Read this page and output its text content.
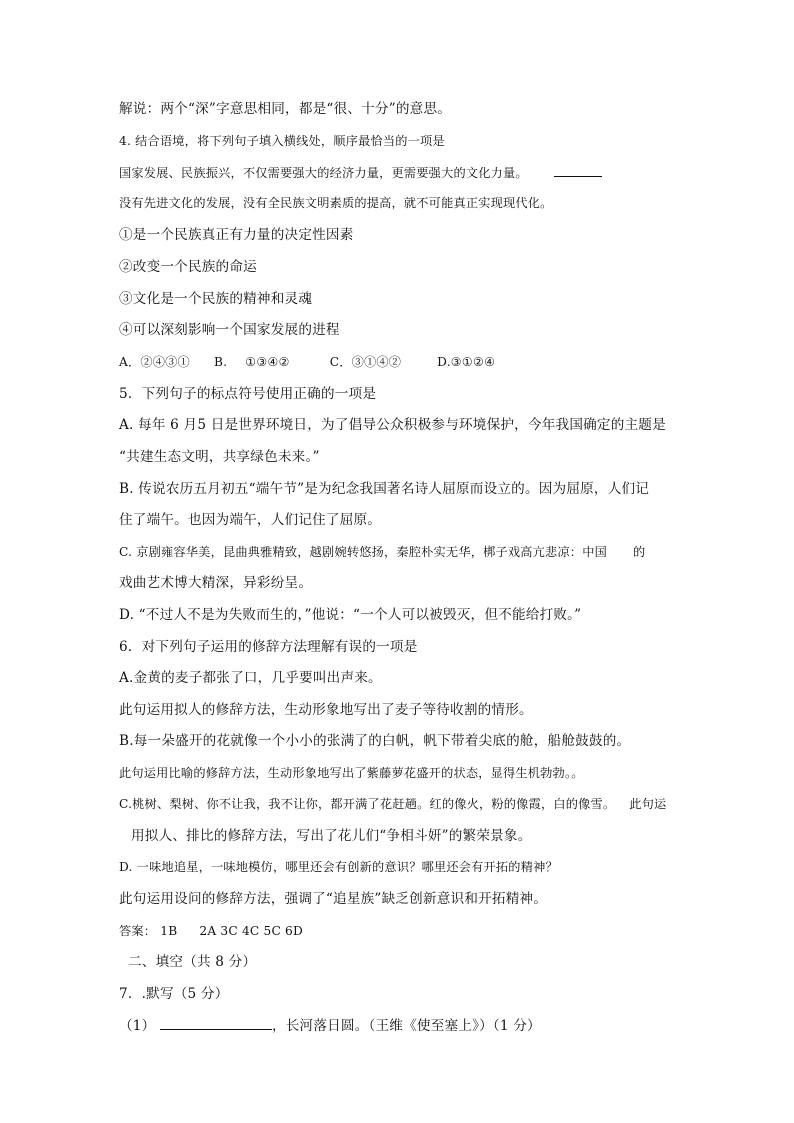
解说：两个“深”字意思相同，都是“很、十分”的意思。
4. 结合语境，将下列句子填入横线处，顺序最恰当的一项是
国家发展、民族振兴，不仅需要强大的经济力量，更需要强大的文化力量。
没有先进文化的发展，没有全民族文明素质的提高，就不可能真正实现现代化。
①是一个民族真正有力量的决定性因素
②改变一个民族的命运
③文化是一个民族的精神和灵魂
④可以深刻影响一个国家发展的进程
A．②④③① B. ①③④②	C．③①④②	D.③①②④
5．下列句子的标点符号使用正确的一项是
A. 每年 6 月5 日是世界环境日，为了倡导公众积极参与环境保护，今年我国确定的主题是
“共建生态文明，共享绿色未来。”
B. 传说农历五月初五“端午节”是为纪念我国著名诗人屈原而设立的。因为屈原，人们记
住了端午。也因为端午，人们记住了屈原。
C. 京剧雍容华美，昆曲典雅精致，越剧婉转悠扬，秦腔朴实无华，梆子戏高亢悲凉：中国 的
戏曲艺术博大精深，异彩纷呈。
D. “不过人不是为失败而生的，”他说：“一个人可以被毁灭，但不能给打败。”
6．对下列句子运用的修辞方法理解有误的一项是
A.金黄的麦子都张了口，几乎要叫出声来。
此句运用拟人的修辞方法，生动形象地写出了麦子等待收割的情形。
B.每一朵盛开的花就像一个小小的张满了的白帆，帆下带着尖底的舱，船舱鼓鼓的。
此句运用比喻的修辞方法，生动形象地写出了紫藤萝花盛开的状态，显得生机勃勃。。
C.桃树、梨树、你不让我，我不让你，都开满了花赶趟。红的像火，粉的像霞，白的像雪。 此句运
用拟人、排比的修辞方法，写出了花儿们“争相斗妍”的繁荣景象。
D. 一味地追星，一味地模仿，哪里还会有创新的意识？哪里还会有开拓的精神？
此句运用设问的修辞方法，强调了“追星族”缺乏创新意识和开拓精神。
答案： 1B 2A 3C 4C 5C 6D
二、填空（共 8 分）
7．.默写（5 分）
（1）	，长河落日圆。（王维《使至塞上》）（1 分）
